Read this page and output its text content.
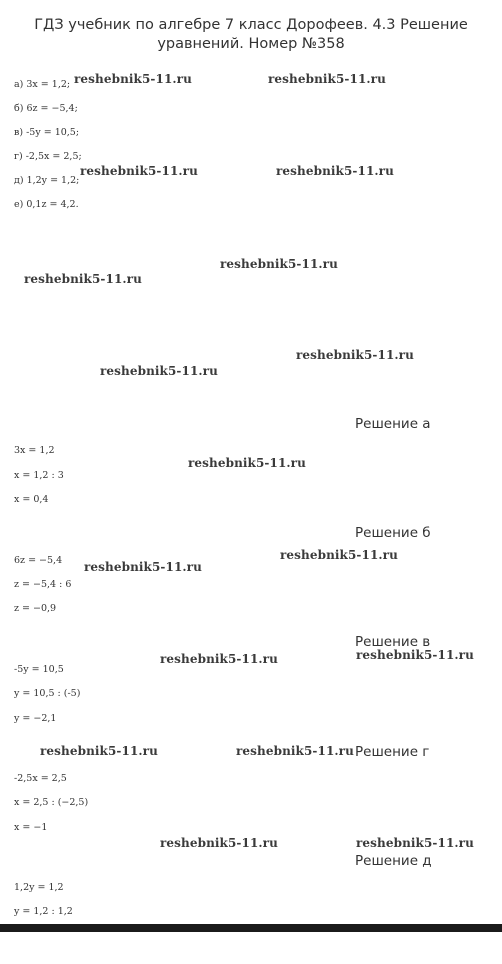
ГДЗ учебник по алгебре 7 класс Дорофеев. 4.3 Решение
уравнений. Номер №358
а) 3x = 1,2;
б) 6z = −5,4;
в) -5y = 10,5;
г) -2,5x = 2,5;
д) 1,2y = 1,2;
е) 0,1z = 4,2.
Решение а
3x = 1,2
x = 1,2 : 3
x = 0,4
Решение б
6z = −5,4
z = −5,4 : 6
z = −0,9
Решение в
-5y = 10,5
y = 10,5 : (-5)
y = −2,1
Решение г
-2,5x = 2,5
x = 2,5 : (−2,5)
x = −1
Решение д
1,2y = 1,2
y = 1,2 : 1,2
reshebnik5-11.ru	reshebnik5-11.ru
reshebnik5-11.ru	reshebnik5-11.ru
reshebnik5-11.ru
reshebnik5-11.ru
reshebnik5-11.ru
reshebnik5-11.ru
reshebnik5-11.ru
reshebnik5-11.ru
reshebnik5-11.ru
reshebnik5-11.ru	reshebnik5-11.ru
reshebnik5-11.ru	reshebnik5-11.ru
reshebnik5-11.ru	reshebnik5-11.ru
